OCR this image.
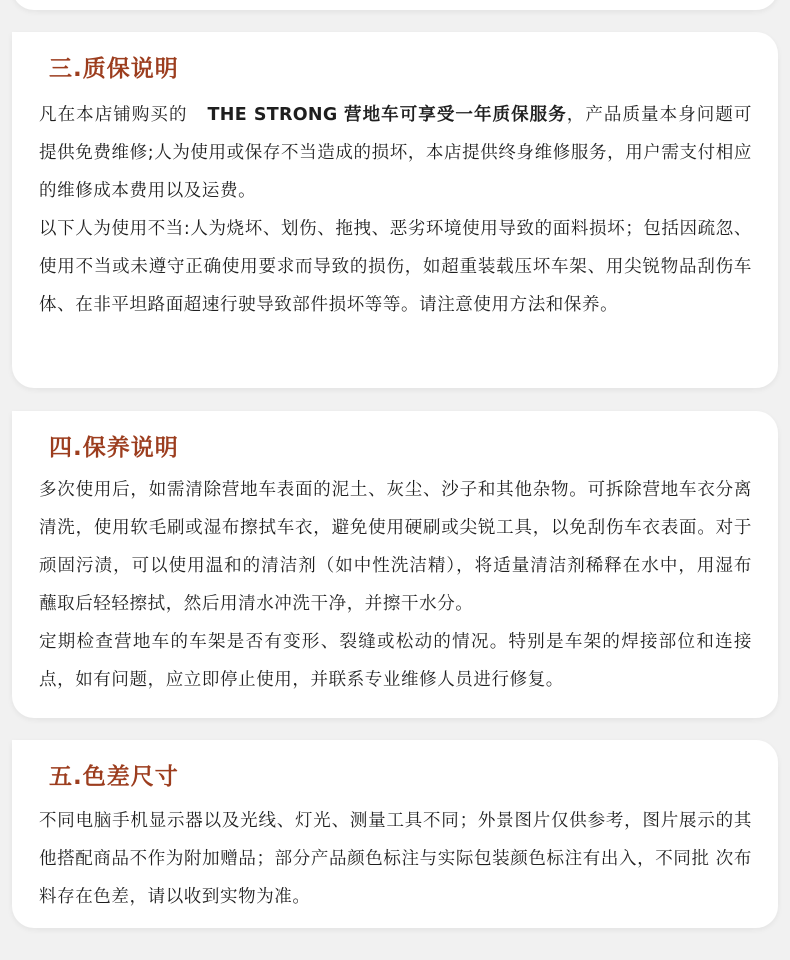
三.质保说明

凡在本店铺购买的 THE STRONG 营地车可享受一年质保服务，产品质量本身问题可提供免费维修;人为使用或保存不当造成的损坏，本店提供终身维修服务，用户需支付相应的维修成本费用以及运费。

以下人为使用不当:人为烧坏、划伤、拖拽、恶劣环境使用导致的面料损坏；包括因疏忽、使用不当或未遵守正确使用要求而导致的损伤，如超重装载压坏车架、用尖锐物品刮伤车体、在非平坦路面超速行驶导致部件损坏等等。请注意使用方法和保养。

四.保养说明

多次使用后，如需清除营地车表面的泥土、灰尘、沙子和其他杂物。可拆除营地车衣分离清洗，使用软毛刷或湿布擦拭车衣，避免使用硬刷或尖锐工具，以免刮伤车衣表面。对于顽固污渍，可以使用温和的清洁剂（如中性洗洁精），将适量清洁剂稀释在水中，用湿布蘸取后轻轻擦拭，然后用清水冲洗干净，并擦干水分。

定期检查营地车的车架是否有变形、裂缝或松动的情况。特别是车架的焊接部位和连接点，如有问题，应立即停止使用，并联系专业维修人员进行修复。

五.色差尺寸

不同电脑手机显示器以及光线、灯光、测量工具不同；外景图片仅供参考，图片展示的其他搭配商品不作为附加赠品；部分产品颜色标注与实际包装颜色标注有出入，不同批 次布料存在色差，请以收到实物为准。
